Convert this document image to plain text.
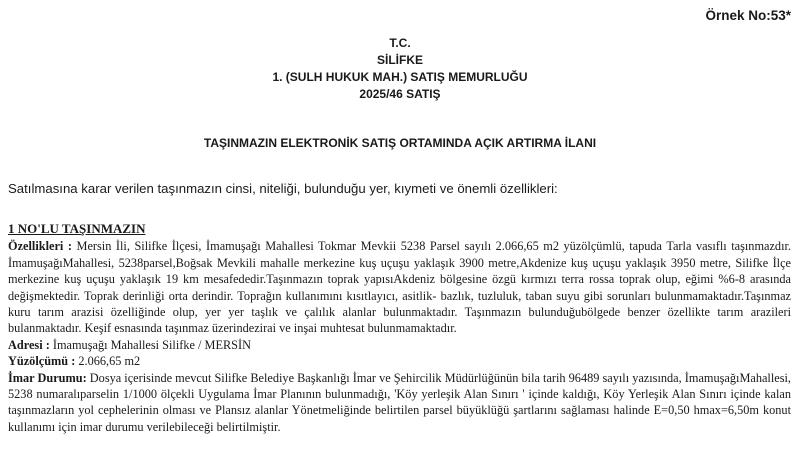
Örnek No:53*
T.C.
SİLİFKE
1. (SULH HUKUK MAH.) SATIŞ MEMURLUĞU
2025/46 SATIŞ
TAŞINMAZIN ELEKTRONİK SATIŞ ORTAMINDA AÇIK ARTIRMA İLANI
Satılmasına karar verilen taşınmazın cinsi, niteliği, bulunduğu yer, kıymeti ve önemli özellikleri:
1 NO'LU TAŞINMAZIN

Özellikleri : Mersin İli, Silifke İlçesi, İmamuşağı Mahallesi Tokmar Mevkii 5238 Parsel sayılı 2.066,65 m2 yüzölçümlü, tapuda Tarla vasıflı taşınmazdır. İmamuşağıMahallesi, 5238parsel,Boğsak Mevkili mahalle merkezine kuş uçuşu yaklaşık 3900 metre,Akdenize kuş uçuşu yaklaşık 3950 metre, Silifke İlçe merkezine kuş uçuşu yaklaşık 19 km mesafededir.Taşınmazın toprak yapısıAkdeniz bölgesine özgü kırmızı terra rossa toprak olup, eğimi %6-8 arasında değişmektedir. Toprak derinliği orta derindir. Toprağın kullanımını kısıtlayıcı, asitlik- bazlık, tuzluluk, taban suyu gibi sorunları bulunmamaktadır.Taşınmaz kuru tarım arazisi özelliğinde olup, yer yer taşlık ve çalılık alanlar bulunmaktadır. Taşınmazın bulunduğubölgede benzer özellikte tarım arazileri bulanmaktadır. Keşif esnasında taşınmaz üzerindezirai ve inşai muhtesat bulunmamaktadır.

Adresi : İmamuşağı Mahallesi Silifke / MERSİN

Yüzölçümü : 2.066,65 m2

İmar Durumu: Dosya içerisinde mevcut Silifke Belediye Başkanlığı İmar ve Şehircilik Müdürlüğünün bila tarih 96489 sayılı yazısında, İmamuşağıMahallesi, 5238 numaralıparselin 1/1000 ölçekli Uygulama İmar Planının bulunmadığı, 'Köy yerleşik Alan Sınırı ' içinde kaldığı, Köy Yerleşik Alan Sınırı içinde kalan taşınmazların yol cephelerinin olması ve Plansız alanlar Yönetmeliğinde belirtilen parsel büyüklüğü şartlarını sağlaması halinde E=0,50 hmax=6,50m konut kullanımı için imar durumu verilebileceği belirtilmiştir.
